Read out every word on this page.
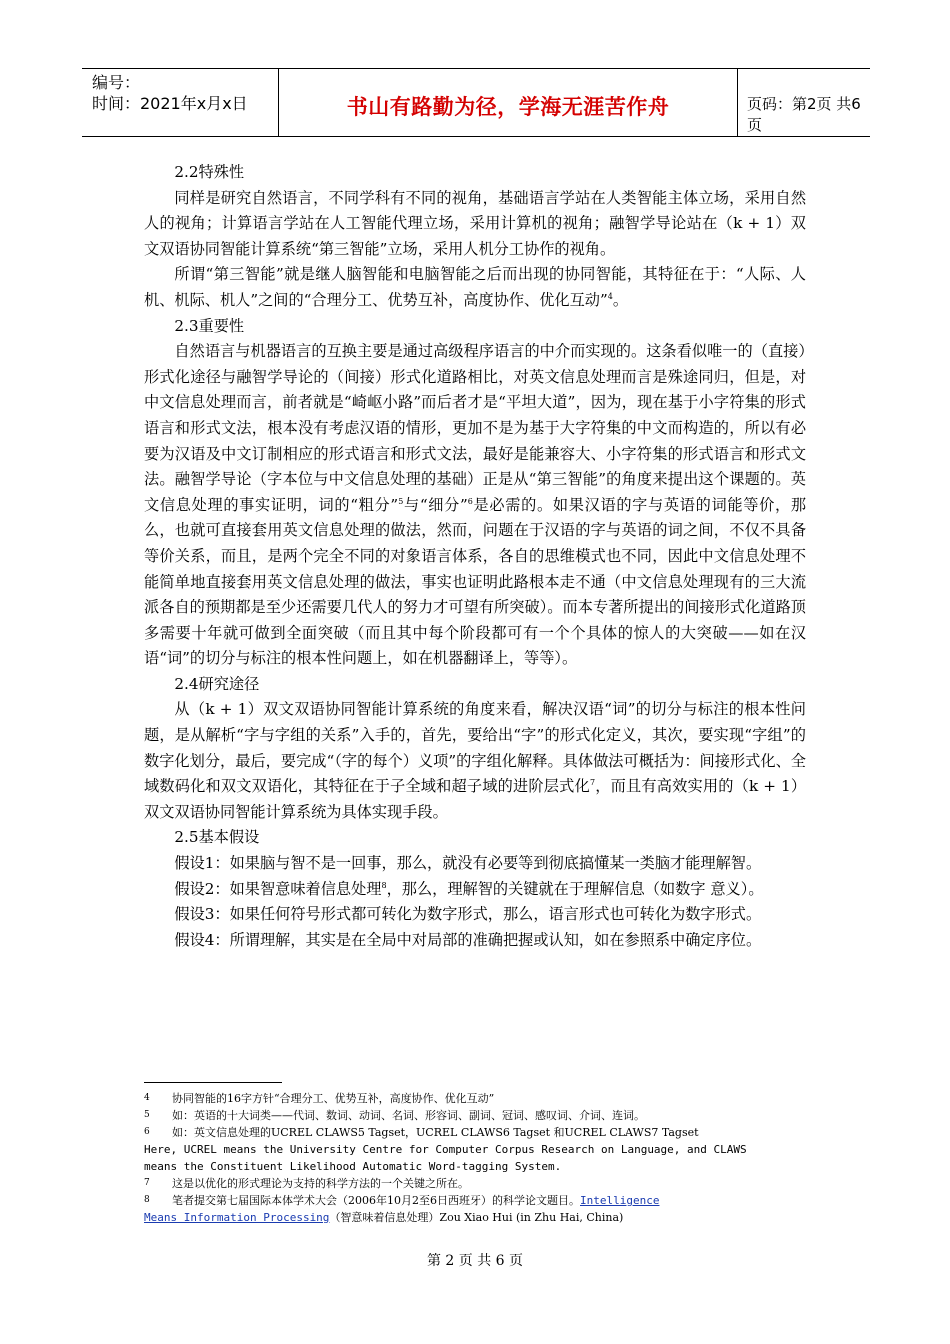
编号：
时间：2021年x月x日	书山有路勤为径，学海无涯苦作舟	页码：第2页 共6页

2.2特殊性

同样是研究自然语言，不同学科有不同的视角，基础语言学站在人类智能主体立场，采用自然人的视角；计算语言学站在人工智能代理立场，采用计算机的视角；融智学导论站在（k + 1）双文双语协同智能计算系统“第三智能”立场，采用人机分工协作的视角。

所谓“第三智能”就是继人脑智能和电脑智能之后而出现的协同智能，其特征在于：“人际、人机、机际、机人”之间的“合理分工、优势互补，高度协作、优化互动”$^4$。

2.3重要性

自然语言与机器语言的互换主要是通过高级程序语言的中介而实现的。这条看似唯一的（直接）形式化途径与融智学导论的（间接）形式化道路相比，对英文信息处理而言是殊途同归，但是，对中文信息处理而言，前者就是“崎岖小路”而后者才是“平坦大道”，因为，现在基于小字符集的形式语言和形式文法，根本没有考虑汉语的情形，更加不是为基于大字符集的中文而构造的，所以有必要为汉语及中文订制相应的形式语言和形式文法，最好是能兼容大、小字符集的形式语言和形式文法。融智学导论（字本位与中文信息处理的基础）正是从“第三智能”的角度来提出这个课题的。英文信息处理的事实证明，词的“粗分”$^5$与“细分”$^6$是必需的。如果汉语的字与英语的词能等价，那么，也就可直接套用英文信息处理的做法，然而，问题在于汉语的字与英语的词之间，不仅不具备等价关系，而且，是两个完全不同的对象语言体系，各自的思维模式也不同，因此中文信息处理不能简单地直接套用英文信息处理的做法，事实也证明此路根本走不通（中文信息处理现有的三大流派各自的预期都是至少还需要几代人的努力才可望有所突破）。而本专著所提出的间接形式化道路顶多需要十年就可做到全面突破（而且其中每个阶段都可有一个个具体的惊人的大突破——如在汉语“词”的切分与标注的根本性问题上，如在机器翻译上，等等）。

2.4研究途径

从（k + 1）双文双语协同智能计算系统的角度来看，解决汉语“词”的切分与标注的根本性问题，是从解析“字与字组的关系”入手的，首先，要给出“字”的形式化定义，其次，要实现“字组”的数字化划分，最后，要完成“（字的每个）义项”的字组化解释。具体做法可概括为：间接形式化、全域数码化和双文双语化，其特征在于子全域和超子域的进阶层式化$^7$，而且有高效实用的（k + 1）双文双语协同智能计算系统为具体实现手段。

2.5基本假设

假设1：如果脑与智不是一回事，那么，就没有必要等到彻底搞懂某一类脑才能理解智。

假设2：如果智意味着信息处理$^8$，那么，理解智的关键就在于理解信息（如数字 意义）。

假设3：如果任何符号形式都可转化为数字形式，那么，语言形式也可转化为数字形式。

假设4：所谓理解，其实是在全局中对局部的准确把握或认知，如在参照系中确定序位。

4	协同智能的16字方针“合理分工、优势互补，高度协作、优化互动”
5	如：英语的十大词类——代词、数词、动词、名词、形容词、副词、冠词、感叹词、介词、连词。
6	如：英文信息处理的UCREL CLAWS5 Tagset，UCREL CLAWS6 Tagset 和UCREL CLAWS7 Tagset
Here, UCREL means the University Centre for Computer Corpus Research on Language, and CLAWS
means the Constituent Likelihood Automatic Word-tagging System.
7	这是以优化的形式理论为支持的科学方法的一个关键之所在。
8	笔者提交第七届国际本体学术大会（2006年10月2至6日西班牙）的科学论文题目。Intelligence
Means Information Processing（智意味着信息处理）Zou Xiao Hui (in Zhu Hai, China)
第 2 页 共 6 页
